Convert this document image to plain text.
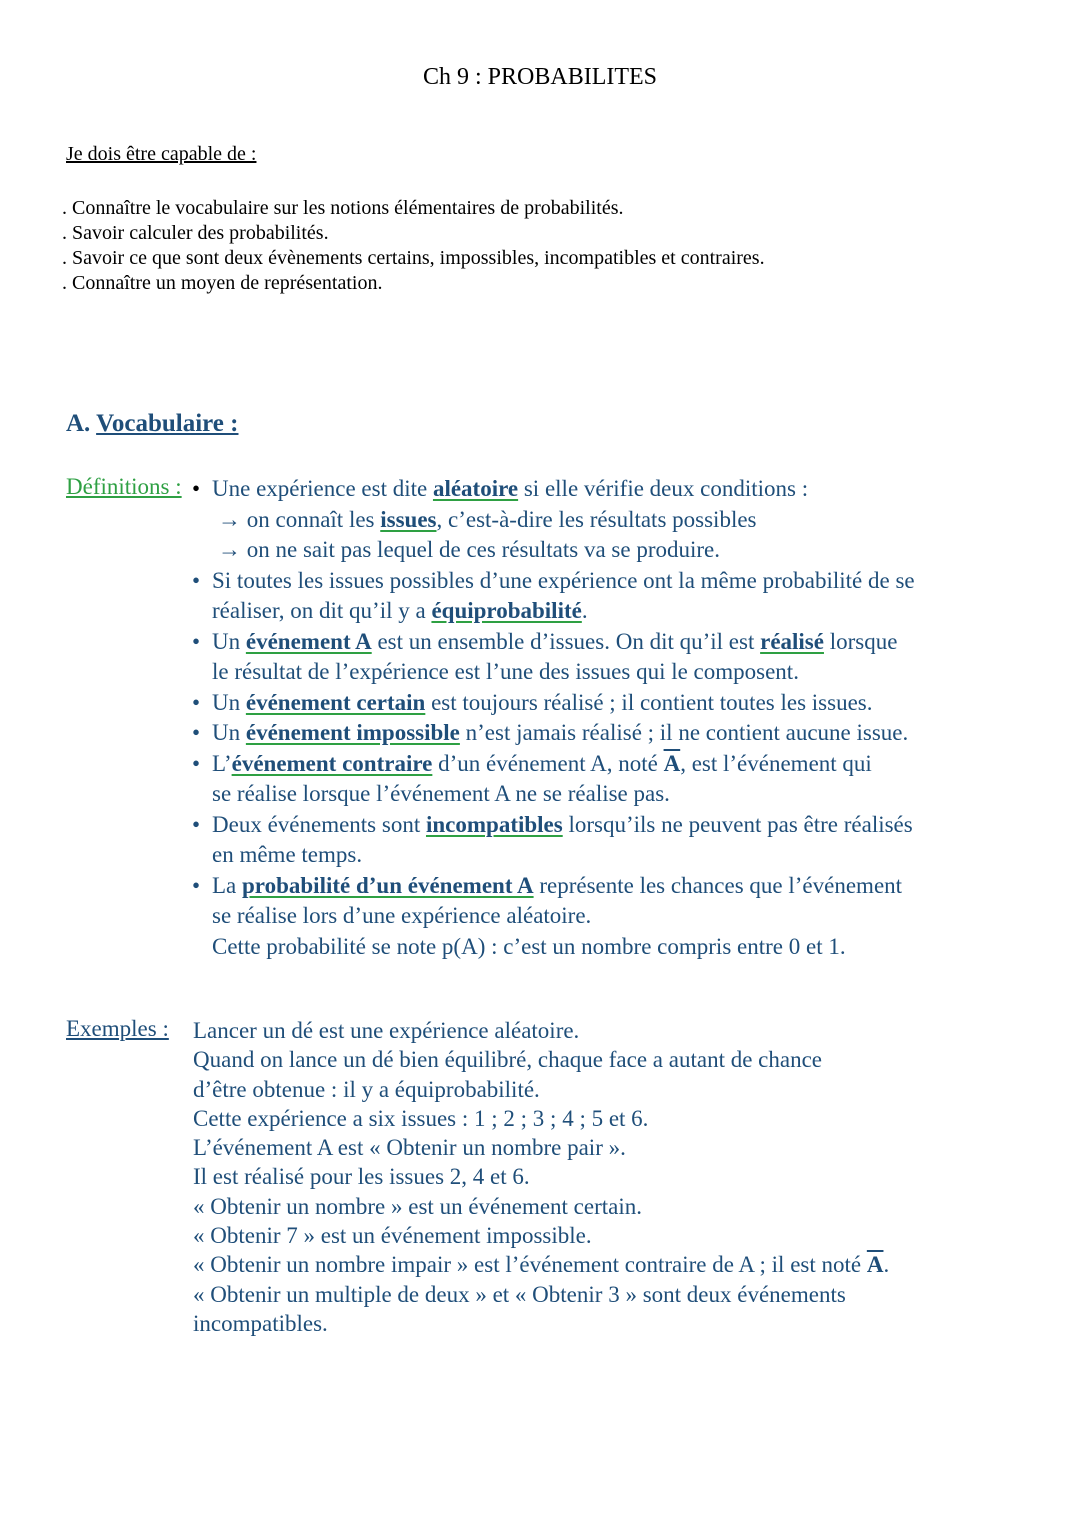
Ch 9 : PROBABILITES
Je dois être capable de :
. Connaître le vocabulaire sur les notions élémentaires de probabilités.
. Savoir calculer des probabilités.
. Savoir ce que sont deux évènements certains, impossibles, incompatibles et contraires.
. Connaître un moyen de représentation.
A. Vocabulaire :
Définitions : • Une expérience est dite aléatoire si elle vérifie deux conditions :
→ on connaît les issues, c’est-à-dire les résultats possibles
→ on ne sait pas lequel de ces résultats va se produire.
• Si toutes les issues possibles d’une expérience ont la même probabilité de se
réaliser, on dit qu’il y a équiprobabilité.
• Un événement A est un ensemble d’issues. On dit qu’il est réalisé lorsque
le résultat de l’expérience est l’une des issues qui le composent.
• Un événement certain est toujours réalisé ; il contient toutes les issues.
• Un événement impossible n’est jamais réalisé ; il ne contient aucune issue.
• L’événement contraire d’un événement A, noté $\overline{A}$, est l’événement qui
se réalise lorsque l’événement A ne se réalise pas.
• Deux événements sont incompatibles lorsqu’ils ne peuvent pas être réalisés
en même temps.
• La probabilité d’un événement A représente les chances que l’événement
se réalise lors d’une expérience aléatoire.
Cette probabilité se note p(A) : c’est un nombre compris entre 0 et 1.
Exemples : Lancer un dé est une expérience aléatoire.
Quand on lance un dé bien équilibré, chaque face a autant de chance
d’être obtenue : il y a équiprobabilité.
Cette expérience a six issues : 1 ; 2 ; 3 ; 4 ; 5 et 6.
L’événement A est « Obtenir un nombre pair ».
Il est réalisé pour les issues 2, 4 et 6.
« Obtenir un nombre » est un événement certain.
« Obtenir 7 » est un événement impossible.
« Obtenir un nombre impair » est l’événement contraire de A ; il est noté $\overline{A}$.
« Obtenir un multiple de deux » et « Obtenir 3 » sont deux événements
incompatibles.
